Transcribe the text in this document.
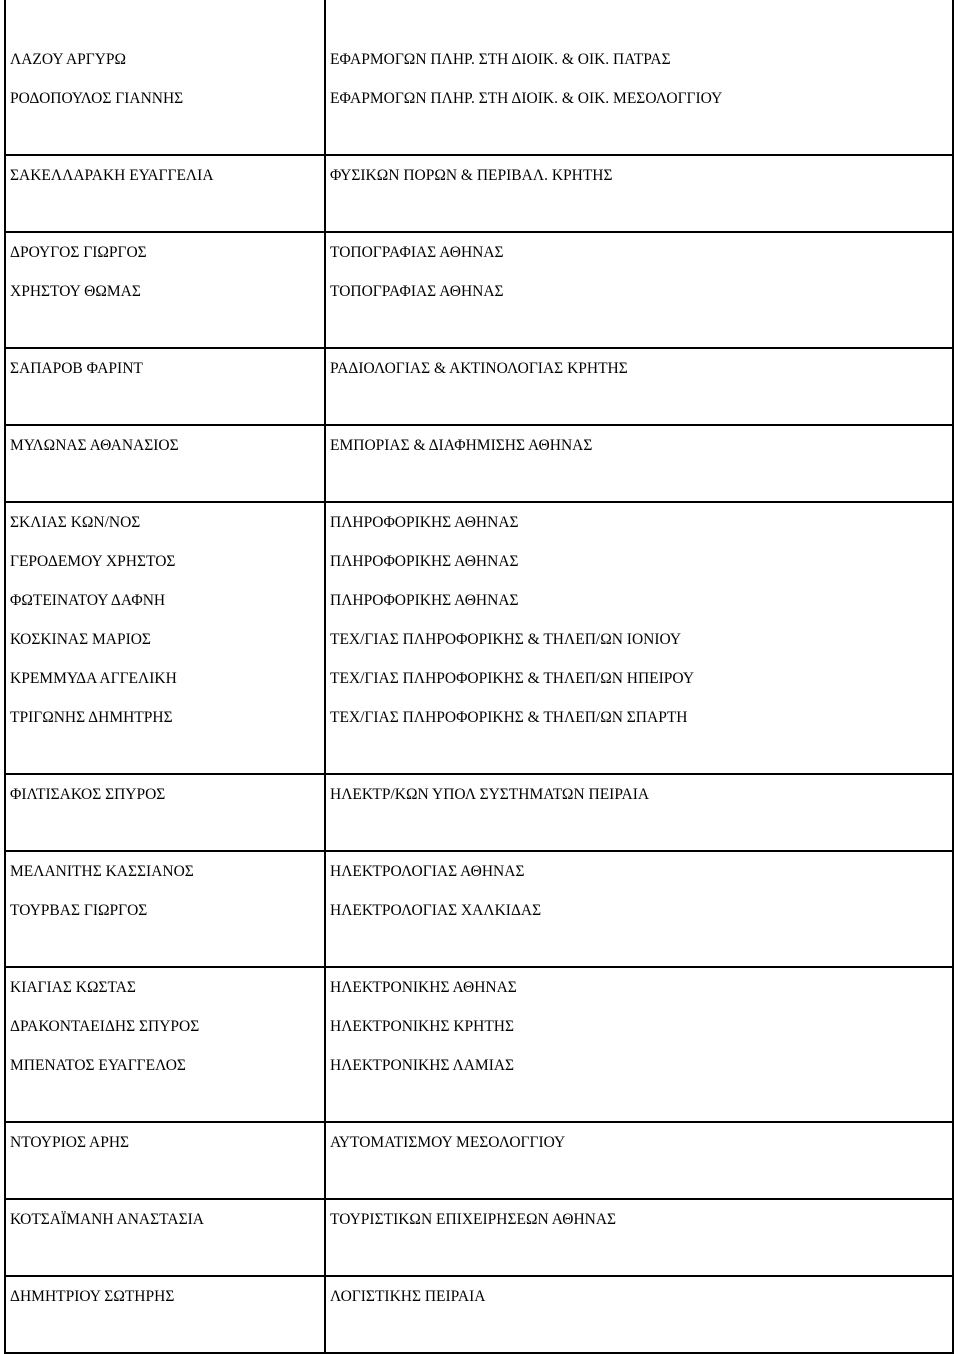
ΛΑΖΟΥ ΑΡΓΥΡΩ	ΕΦΑΡΜΟΓΩΝ ΠΛΗΡ. ΣΤΗ ΔΙΟΙΚ. & ΟΙΚ. ΠΑΤΡΑΣ
ΡΟΔΟΠΟΥΛΟΣ ΓΙΑΝΝΗΣ	ΕΦΑΡΜΟΓΩΝ ΠΛΗΡ. ΣΤΗ ΔΙΟΙΚ. & ΟΙΚ. ΜΕΣΟΛΟΓΓΙΟΥ
ΣΑΚΕΛΛΑΡΑΚΗ ΕΥΑΓΓΕΛΙΑ	ΦΥΣΙΚΩΝ ΠΟΡΩΝ & ΠΕΡΙΒΑΛ. ΚΡΗΤΗΣ
ΔΡΟΥΓΟΣ ΓΙΩΡΓΟΣ	ΤΟΠΟΓΡΑΦΙΑΣ ΑΘΗΝΑΣ
ΧΡΗΣΤΟΥ ΘΩΜΑΣ	ΤΟΠΟΓΡΑΦΙΑΣ ΑΘΗΝΑΣ
ΣΑΠΑΡΟΒ ΦΑΡΙΝΤ	ΡΑΔΙΟΛΟΓΙΑΣ & ΑΚΤΙΝΟΛΟΓΙΑΣ ΚΡΗΤΗΣ
ΜΥΛΩΝΑΣ ΑΘΑΝΑΣΙΟΣ	ΕΜΠΟΡΙΑΣ & ΔΙΑΦΗΜΙΣΗΣ ΑΘΗΝΑΣ
ΣΚΛΙΑΣ ΚΩΝ/ΝΟΣ	ΠΛΗΡΟΦΟΡΙΚΗΣ ΑΘΗΝΑΣ
ΓΕΡΟΔΕΜΟΥ ΧΡΗΣΤΟΣ	ΠΛΗΡΟΦΟΡΙΚΗΣ ΑΘΗΝΑΣ
ΦΩΤΕΙΝΑΤΟΥ ΔΑΦΝΗ	ΠΛΗΡΟΦΟΡΙΚΗΣ ΑΘΗΝΑΣ
ΚΟΣΚΙΝΑΣ ΜΑΡΙΟΣ	ΤΕΧ/ΓΙΑΣ ΠΛΗΡΟΦΟΡΙΚΗΣ & ΤΗΛΕΠ/ΩΝ ΙΟΝΙΟΥ
ΚΡΕΜΜΥΔΑ ΑΓΓΕΛΙΚΗ	ΤΕΧ/ΓΙΑΣ ΠΛΗΡΟΦΟΡΙΚΗΣ & ΤΗΛΕΠ/ΩΝ ΗΠΕΙΡΟΥ
ΤΡΙΓΩΝΗΣ ΔΗΜΗΤΡΗΣ	ΤΕΧ/ΓΙΑΣ ΠΛΗΡΟΦΟΡΙΚΗΣ & ΤΗΛΕΠ/ΩΝ ΣΠΑΡΤΗ
ΦΙΛΤΙΣΑΚΟΣ ΣΠΥΡΟΣ	ΗΛΕΚΤΡ/ΚΩΝ ΥΠΟΛ ΣΥΣΤΗΜΑΤΩΝ ΠΕΙΡΑΙΑ
ΜΕΛΑΝΙΤΗΣ ΚΑΣΣΙΑΝΟΣ	ΗΛΕΚΤΡΟΛΟΓΙΑΣ ΑΘΗΝΑΣ
ΤΟΥΡΒΑΣ ΓΙΩΡΓΟΣ	ΗΛΕΚΤΡΟΛΟΓΙΑΣ ΧΑΛΚΙΔΑΣ
ΚΙΑΓΙΑΣ ΚΩΣΤΑΣ	ΗΛΕΚΤΡΟΝΙΚΗΣ ΑΘΗΝΑΣ
ΔΡΑΚΟΝΤΑΕΙΔΗΣ ΣΠΥΡΟΣ	ΗΛΕΚΤΡΟΝΙΚΗΣ ΚΡΗΤΗΣ
ΜΠΕΝΑΤΟΣ ΕΥΑΓΓΕΛΟΣ	ΗΛΕΚΤΡΟΝΙΚΗΣ ΛΑΜΙΑΣ
ΝΤΟΥΡΙΟΣ ΑΡΗΣ	ΑΥΤΟΜΑΤΙΣΜΟΥ ΜΕΣΟΛΟΓΓΙΟΥ
ΚΟΤΣΑΪΜΑΝΗ ΑΝΑΣΤΑΣΙΑ	ΤΟΥΡΙΣΤΙΚΩΝ ΕΠΙΧΕΙΡΗΣΕΩΝ ΑΘΗΝΑΣ
ΔΗΜΗΤΡΙΟΥ ΣΩΤΗΡΗΣ	ΛΟΓΙΣΤΙΚΗΣ ΠΕΙΡΑΙΑ
